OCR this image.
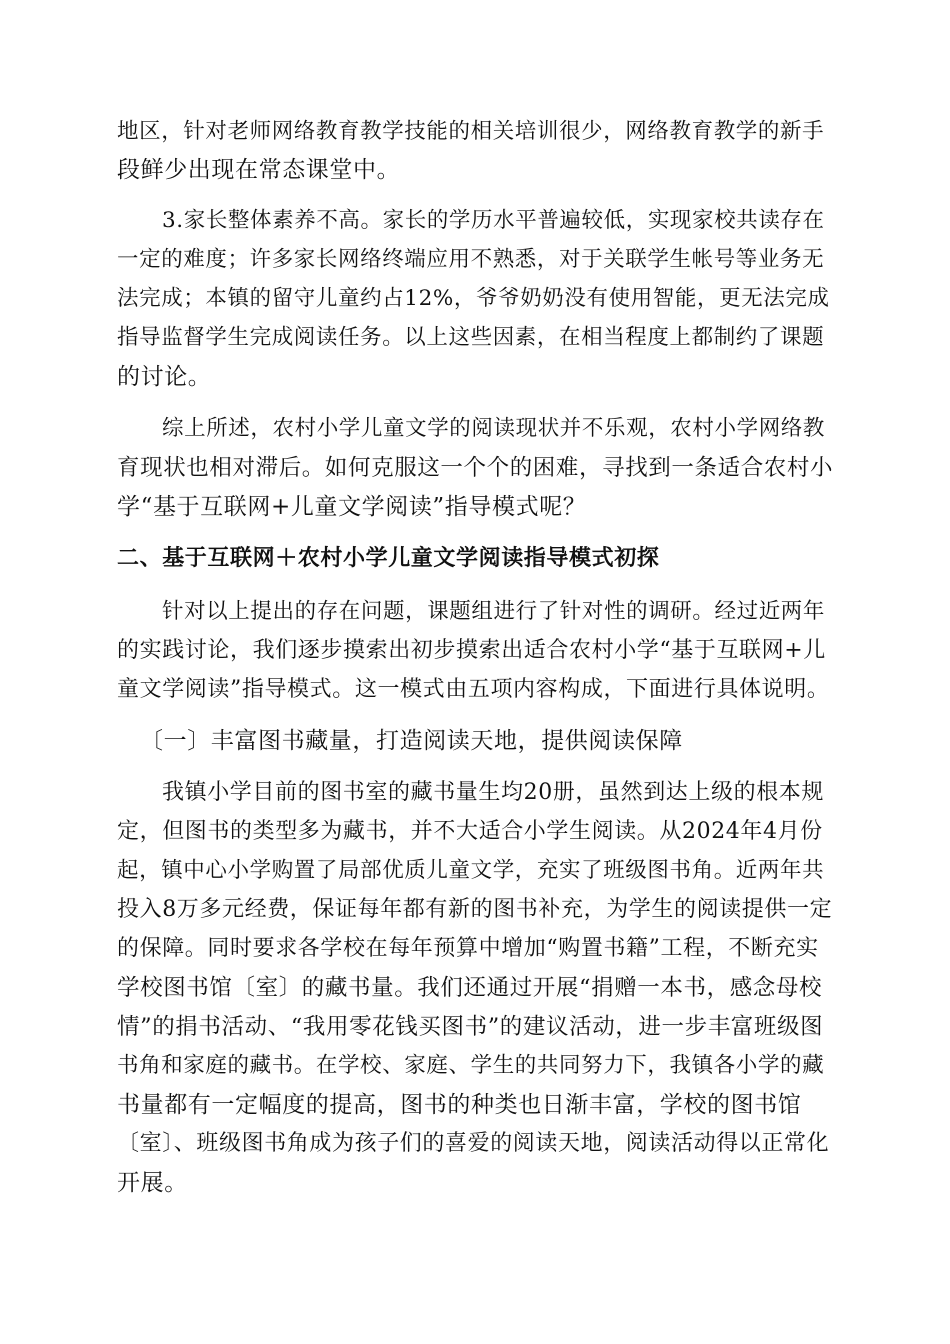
地区，针对老师网络教育教学技能的相关培训很少，网络教育教学的新手
段鲜少出现在常态课堂中。
3.家长整体素养不高。家长的学历水平普遍较低，实现家校共读存在
一定的难度；许多家长网络终端应用不熟悉，对于关联学生帐号等业务无
法完成；本镇的留守儿童约占12%，爷爷奶奶没有使用智能，更无法完成
指导监督学生完成阅读任务。以上这些因素，在相当程度上都制约了课题
的讨论。
综上所述，农村小学儿童文学的阅读现状并不乐观，农村小学网络教
育现状也相对滞后。如何克服这一个个的困难，寻找到一条适合农村小
学“基于互联网+儿童文学阅读”指导模式呢？
二、基于互联网＋农村小学儿童文学阅读指导模式初探
针对以上提出的存在问题，课题组进行了针对性的调研。经过近两年
的实践讨论，我们逐步摸索出初步摸索出适合农村小学“基于互联网+儿
童文学阅读”指导模式。这一模式由五项内容构成，下面进行具体说明。
〔一〕丰富图书藏量，打造阅读天地，提供阅读保障
我镇小学目前的图书室的藏书量生均20册，虽然到达上级的根本规
定，但图书的类型多为藏书，并不大适合小学生阅读。从2024年4月份
起，镇中心小学购置了局部优质儿童文学，充实了班级图书角。近两年共
投入8万多元经费，保证每年都有新的图书补充，为学生的阅读提供一定
的保障。同时要求各学校在每年预算中增加“购置书籍”工程，不断充实
学校图书馆〔室〕的藏书量。我们还通过开展“捐赠一本书，感念母校
情”的捐书活动、“我用零花钱买图书”的建议活动，进一步丰富班级图
书角和家庭的藏书。在学校、家庭、学生的共同努力下，我镇各小学的藏
书量都有一定幅度的提高，图书的种类也日渐丰富，学校的图书馆
〔室〕、班级图书角成为孩子们的喜爱的阅读天地，阅读活动得以正常化
开展。
